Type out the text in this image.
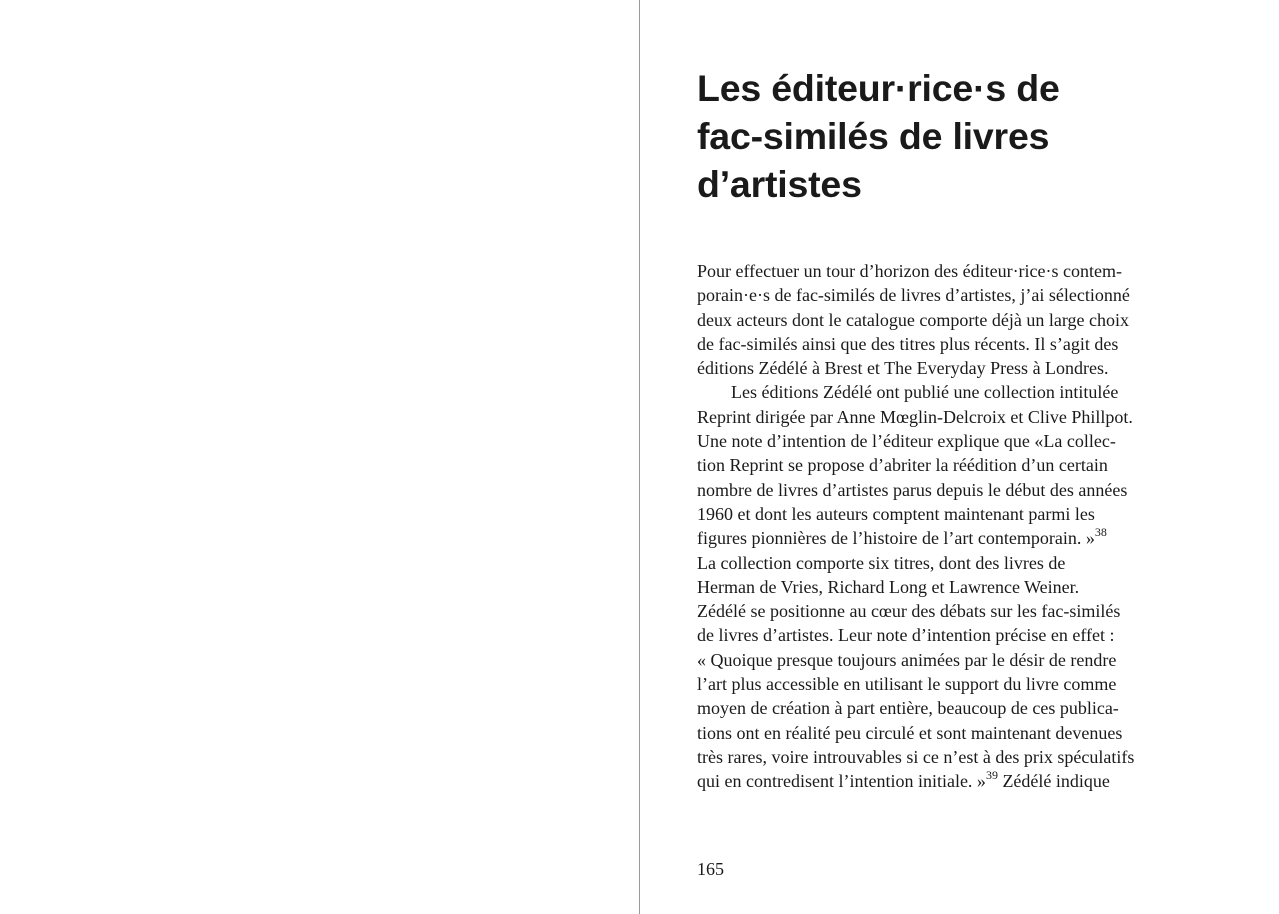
Les éditeur·rice·s de
fac-similés de livres
d’artistes
Pour effectuer un tour d’horizon des éditeur·rice·s contem-
porain·e·s de fac-similés de livres d’artistes, j’ai sélectionné
deux acteurs dont le catalogue comporte déjà un large choix
de fac-similés ainsi que des titres plus récents. Il s’agit des
éditions Zédélé à Brest et The Everyday Press à Londres.
Les éditions Zédélé ont publié une collection intitulée
Reprint dirigée par Anne Mœglin-Delcroix et Clive Phillpot.
Une note d’intention de l’éditeur explique que «La collec-
tion Reprint se propose d’abriter la réédition d’un certain
nombre de livres d’artistes parus depuis le début des années
1960 et dont les auteurs comptent maintenant parmi les
figures pionnières de l’histoire de l’art contemporain. »$^{38}$
La collection comporte six titres, dont des livres de
Herman de Vries, Richard Long et Lawrence Weiner.
Zédélé se positionne au cœur des débats sur les fac-similés
de livres d’artistes. Leur note d’intention précise en effet :
« Quoique presque toujours animées par le désir de rendre
l’art plus accessible en utilisant le support du livre comme
moyen de création à part entière, beaucoup de ces publica-
tions ont en réalité peu circulé et sont maintenant devenues
très rares, voire introuvables si ce n’est à des prix spéculatifs
qui en contredisent l’intention initiale. »$^{39}$ Zédélé indique
165
